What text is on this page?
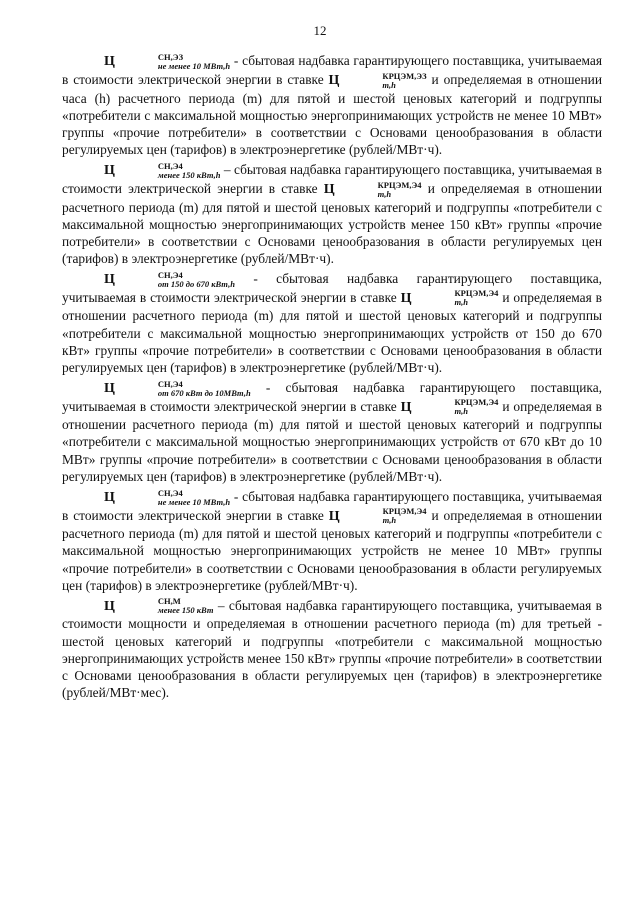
12

Ц	СН,ЭЗ
не менее 10 МВт,h - сбытовая надбавка гарантирующего поставщика, учитываемая в стоимости электрической энергии в ставке Ц	КРЦЭМ,ЭЗ
m,h	и определяемая в отношении часа (h) расчетного периода (m) для пятой и шестой ценовых категорий и подгруппы «потребители с максимальной мощностью энергопринимающих устройств не менее 10 МВт» группы «прочие потребители» в соответствии с Основами ценообразования в области регулируемых цен (тарифов) в электроэнергетике (рублей/МВт·ч).

Ц	СН,Э4
менее 150 кВт,h – сбытовая надбавка гарантирующего поставщика, учитываемая в стоимости электрической энергии в ставке Ц	КРЦЭМ,Э4
m,h	и определяемая в отношении расчетного периода (m) для пятой и шестой ценовых категорий и подгруппы «потребители с максимальной мощностью энергопринимающих устройств менее 150 кВт» группы «прочие потребители» в соответствии с Основами ценообразования в области регулируемых цен (тарифов) в электроэнергетике (рублей/МВт·ч).

Ц	СН,Э4
от 150 до 670 кВт,h - сбытовая надбавка гарантирующего поставщика, учитываемая в стоимости электрической энергии в ставке Ц	КРЦЭМ,Э4
m,h	и определяемая в отношении расчетного периода (m) для пятой и шестой ценовых категорий и подгруппы «потребители с максимальной мощностью энергопринимающих устройств от 150 до 670 кВт» группы «прочие потребители» в соответствии с Основами ценообразования в области регулируемых цен (тарифов) в электроэнергетике (рублей/МВт·ч).

Ц	СН,Э4
от 670 кВт до 10МВт,h - сбытовая надбавка гарантирующего поставщика, учитываемая в стоимости электрической энергии в ставке Ц	КРЦЭМ,Э4
m,h	и определяемая в отношении расчетного периода (m) для пятой и шестой ценовых категорий и подгруппы «потребители с максимальной мощностью энергопринимающих устройств от 670 кВт до 10 МВт» группы «прочие потребители» в соответствии с Основами ценообразования в области регулируемых цен (тарифов) в электроэнергетике (рублей/МВт·ч).

Ц	СН,Э4
не менее 10 МВт,h - сбытовая надбавка гарантирующего поставщика, учитываемая в стоимости электрической энергии в ставке Ц	КРЦЭМ,Э4
m,h	и определяемая в отношении расчетного периода (m) для пятой и шестой ценовых категорий и подгруппы «потребители с максимальной мощностью энергопринимающих устройств не менее 10 МВт» группы «прочие потребители» в соответствии с Основами ценообразования в области регулируемых цен (тарифов) в электроэнергетике (рублей/МВт·ч).

Ц	СН,М
менее 150 кВт – сбытовая надбавка гарантирующего поставщика, учитываемая в стоимости мощности и определяемая в отношении расчетного периода (m) для третьей - шестой ценовых категорий и подгруппы «потребители с максимальной мощностью энергопринимающих устройств менее 150 кВт» группы «прочие потребители» в соответствии с Основами ценообразования в области регулируемых цен (тарифов) в электроэнергетике (рублей/МВт·мес).
